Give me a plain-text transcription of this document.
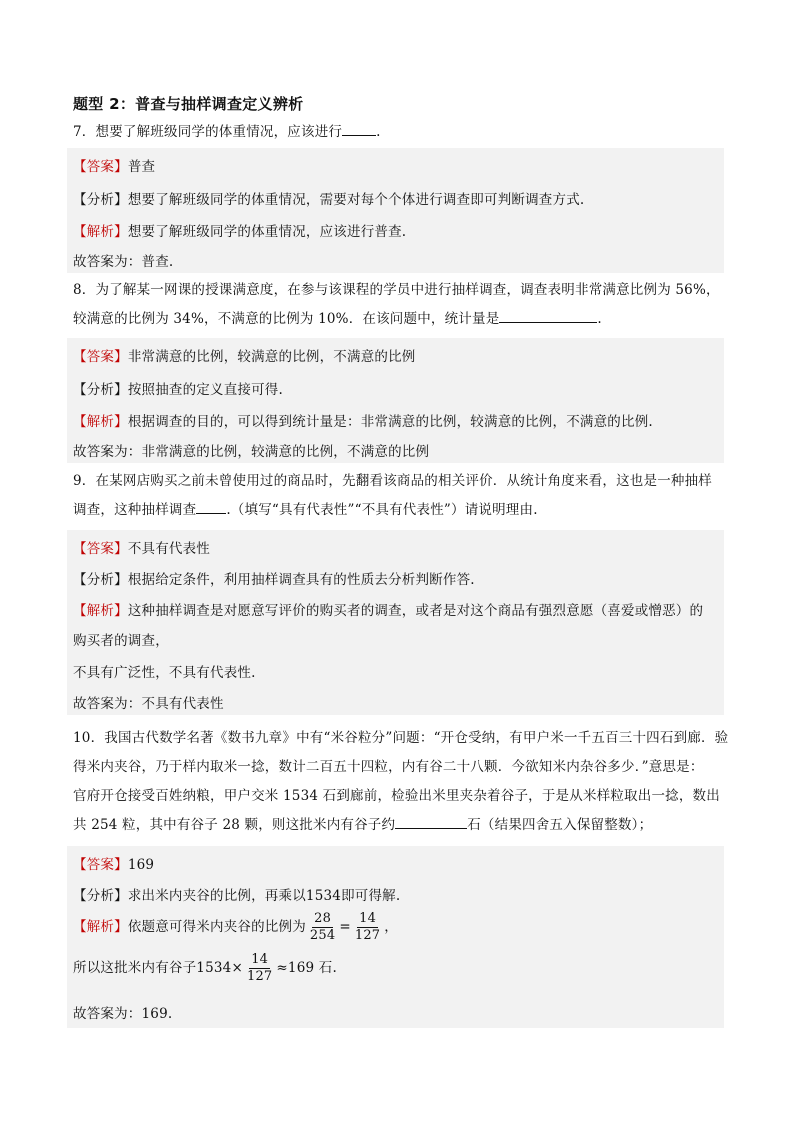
题型 2：普查与抽样调查定义辨析
7．想要了解班级同学的体重情况，应该进行	.
【答案】普查
【分析】想要了解班级同学的体重情况，需要对每个个体进行调查即可判断调查方式.
【解析】想要了解班级同学的体重情况，应该进行普查.
故答案为：普查.
8．为了解某一网课的授课满意度，在参与该课程的学员中进行抽样调查，调查表明非常满意比例为 56%，
较满意的比例为 34%，不满意的比例为 10%．在该问题中，统计量是	.
【答案】非常满意的比例，较满意的比例，不满意的比例
【分析】按照抽查的定义直接可得.
【解析】根据调查的目的，可以得到统计量是：非常满意的比例，较满意的比例，不满意的比例.
故答案为：非常满意的比例，较满意的比例，不满意的比例
9．在某网店购买之前未曾使用过的商品时，先翻看该商品的相关评价．从统计角度来看，这也是一种抽样
调查，这种抽样调查 .（填写“具有代表性”“不具有代表性”）请说明理由.
【答案】不具有代表性
【分析】根据给定条件，利用抽样调查具有的性质去分析判断作答.
【解析】这种抽样调查是对愿意写评价的购买者的调查，或者是对这个商品有强烈意愿（喜爱或憎恶）的
购买者的调查，
不具有广泛性，不具有代表性.
故答案为：不具有代表性
10．我国古代数学名著《数书九章》中有“米谷粒分”问题：“开仓受纳，有甲户米一千五百三十四石到廊．验
得米内夹谷，乃于样内取米一捻，数计二百五十四粒，内有谷二十八颗．今欲知米内杂谷多少．”意思是：
官府开仓接受百姓纳粮，甲户交米 1534 石到廊前，检验出米里夹杂着谷子，于是从米样粒取出一捻，数出
共 254 粒，其中有谷子 28 颗，则这批米内有谷子约	石（结果四舍五入保留整数）；
【答案】169
【分析】求出米内夹谷的比例，再乘以1534即可得解.
【解析】依题意可得米内夹谷的比例为 $\frac{28}{254} = \frac{14}{127}$ ，
所以这批米内有谷子$1534\times \frac{14}{127} \approx 169$ 石.
故答案为：169.
